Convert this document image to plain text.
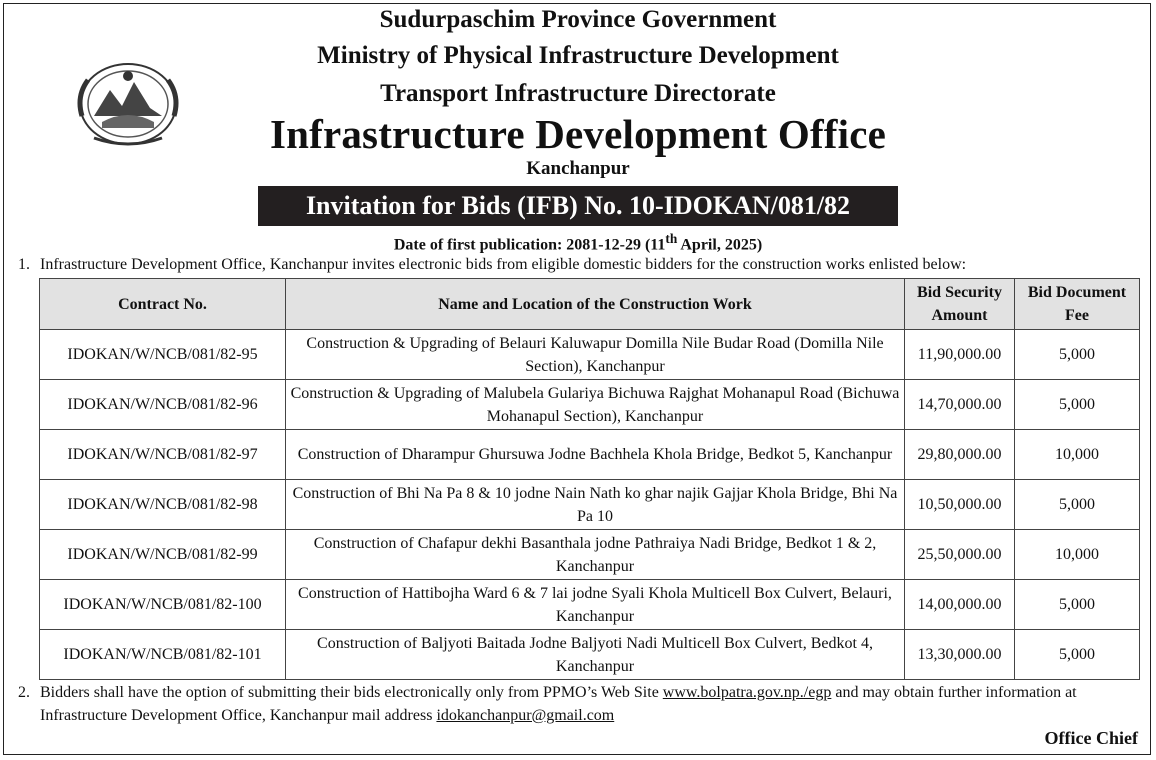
Sudurpaschim Province Government
Ministry of Physical Infrastructure Development
Transport Infrastructure Directorate
Infrastructure Development Office
Kanchanpur
Invitation for Bids (IFB) No. 10-IDOKAN/081/82
Date of first publication: 2081-12-29 (11th April, 2025)
1. Infrastructure Development Office, Kanchanpur invites electronic bids from eligible domestic bidders for the construction works enlisted below:
Contract No.	Name and Location of the Construction Work	Bid Security Amount	Bid Document Fee
IDOKAN/W/NCB/081/82-95	Construction & Upgrading of Belauri Kaluwapur Domilla Nile Budar Road (Domilla Nile Section), Kanchanpur	11,90,000.00	5,000
IDOKAN/W/NCB/081/82-96	Construction & Upgrading of Malubela Gulariya Bichuwa Rajghat Mohanapul Road (Bichuwa Mohanapul Section), Kanchanpur	14,70,000.00	5,000
IDOKAN/W/NCB/081/82-97	Construction of Dharampur Ghursuwa Jodne Bachhela Khola Bridge, Bedkot 5, Kanchanpur	29,80,000.00	10,000
IDOKAN/W/NCB/081/82-98	Construction of Bhi Na Pa 8 & 10 jodne Nain Nath ko ghar najik Gajjar Khola Bridge, Bhi Na Pa 10	10,50,000.00	5,000
IDOKAN/W/NCB/081/82-99	Construction of Chafapur dekhi Basanthala jodne Pathraiya Nadi Bridge, Bedkot 1 & 2, Kanchanpur	25,50,000.00	10,000
IDOKAN/W/NCB/081/82-100	Construction of Hattibojha Ward 6 & 7 lai jodne Syali Khola Multicell Box Culvert, Belauri, Kanchanpur	14,00,000.00	5,000
IDOKAN/W/NCB/081/82-101	Construction of Baljyoti Baitada Jodne Baljyoti Nadi Multicell Box Culvert, Bedkot 4, Kanchanpur	13,30,000.00	5,000
2. Bidders shall have the option of submitting their bids electronically only from PPMO’s Web Site www.bolpatra.gov.np./egp and may obtain further information at Infrastructure Development Office, Kanchanpur mail address idokanchanpur@gmail.com
Office Chief
